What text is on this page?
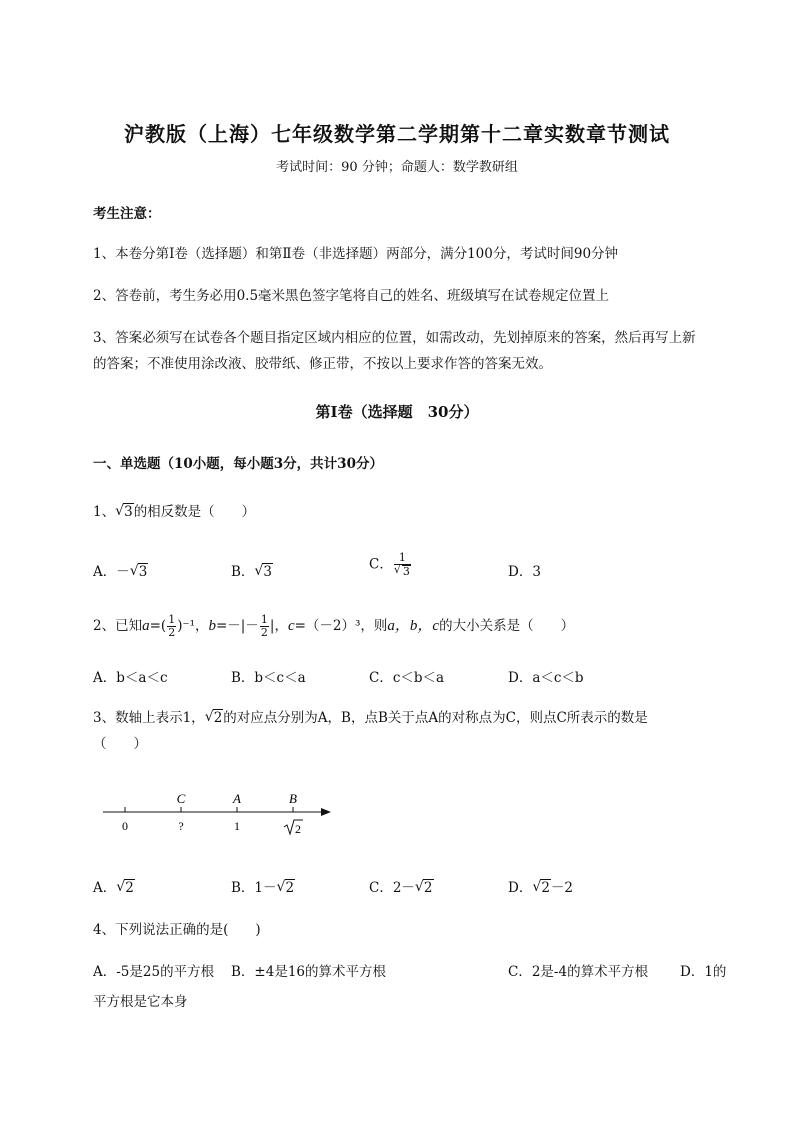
沪教版（上海）七年级数学第二学期第十二章实数章节测试
考试时间：90 分钟；命题人：数学教研组
考生注意：
1、本卷分第Ⅰ卷（选择题）和第Ⅱ卷（非选择题）两部分，满分100分，考试时间90分钟
2、答卷前，考生务必用0.5毫米黑色签字笔将自己的姓名、班级填写在试卷规定位置上
3、答案必须写在试卷各个题目指定区域内相应的位置，如需改动，先划掉原来的答案，然后再写上新
的答案；不准使用涂改液、胶带纸、修正带，不按以上要求作答的答案无效。
第Ⅰ卷（选择题　30分）
一、单选题（10小题，每小题3分，共计30分）
1、 √ 3的相反数是（　　）
A．－ √ 3	B． √ 3	C． $\frac{1}{√ 3}$	D．3
2、已知$a=( \frac{1}{2} )^{-1}$，$b=-|- \frac{1}{2}$ |，c=（－2）³，则a，b，c的大小关系是（　　）
A．b＜a＜c	B．b＜c＜a	C．c＜b＜a	D．a＜c＜b
3、数轴上表示1， √ 2的对应点分别为A，B，点B关于点A的对称点为C，则点C所表示的数是
（　　）
C	A	B
0	?	1	2
A． √ 2	B．1－ √ 2	C．2－ √ 2	D． √ 2－2
4、下列说法正确的是(　　)
A．-5是25的平方根 B．±4是16的算术平方根	C．2是-4的算术平方根 D．1的
平方根是它本身
